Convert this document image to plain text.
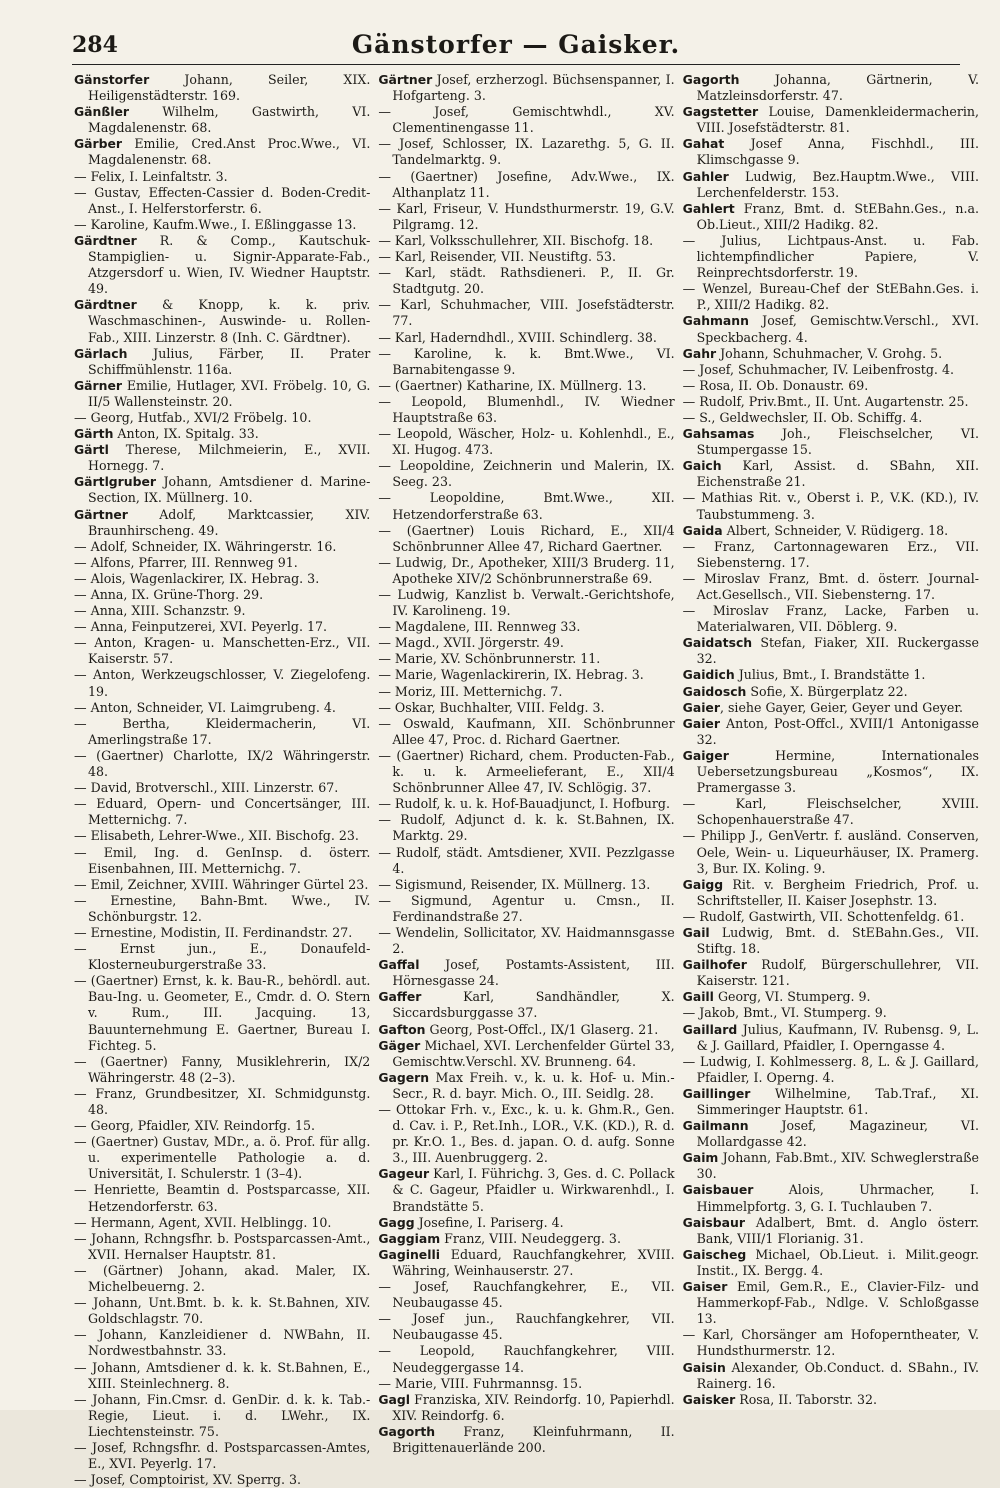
284	Gänstorfer — Gaisker.
Gänstorfer Johann, Seiler, XIX. Heiligenstädterstr. 169.
Gänßler Wilhelm, Gastwirth, VI. Magdalenenstr. 68.
Gärber Emilie, Cred.Anst Proc.Wwe., VI. Magdalenenstr. 68.
— Felix, I. Leinfaltstr. 3.
— Gustav, Effecten-Cassier d. Boden-Credit-Anst., I. Helferstorferstr. 6.
— Karoline, Kaufm.Wwe., I. Eßlinggasse 13.
Gärdtner R. & Comp., Kautschuk-Stampiglien- u. Signir-Apparate-Fab., Atzgersdorf u. Wien, IV. Wiedner Hauptstr. 49.
Gärdtner & Knopp, k. k. priv. Waschmaschinen-, Auswinde- u. Rollen-Fab., XIII. Linzerstr. 8 (Inh. C. Gärdtner).
Gärlach Julius, Färber, II. Prater Schiffmühlenstr. 116a.
Gärner Emilie, Hutlager, XVI. Fröbelg. 10, G. II/5 Wallensteinstr. 20.
— Georg, Hutfab., XVI/2 Fröbelg. 10.
Gärth Anton, IX. Spitalg. 33.
Gärtl Therese, Milchmeierin, E., XVII. Hornegg. 7.
Gärtlgruber Johann, Amtsdiener d. Marine-Section, IX. Müllnerg. 10.
Gärtner Adolf, Marktcassier, XIV. Braunhirscheng. 49.
— Adolf, Schneider, IX. Währingerstr. 16.
— Alfons, Pfarrer, III. Rennweg 91.
— Alois, Wagenlackirer, IX. Hebrag. 3.
— Anna, IX. Grüne-Thorg. 29.
— Anna, XIII. Schanzstr. 9.
— Anna, Feinputzerei, XVI. Peyerlg. 17.
— Anton, Kragen- u. Manschetten-Erz., VII. Kaiserstr. 57.
— Anton, Werkzeugschlosser, V. Ziegelofeng. 19.
— Anton, Schneider, VI. Laimgrubeng. 4.
— Bertha, Kleidermacherin, VI. Amerlingstraße 17.
— (Gaertner) Charlotte, IX/2 Währingerstr. 48.
— David, Brotverschl., XIII. Linzerstr. 67.
— Eduard, Opern- und Concertsänger, III. Metternichg. 7.
— Elisabeth, Lehrer-Wwe., XII. Bischofg. 23.
— Emil, Ing. d. GenInsp. d. österr. Eisenbahnen, III. Metternichg. 7.
— Emil, Zeichner, XVIII. Währinger Gürtel 23.
— Ernestine, Bahn-Bmt. Wwe., IV. Schönburgstr. 12.
— Ernestine, Modistin, II. Ferdinandstr. 27.
— Ernst jun., E., Donaufeld-Klosterneuburgerstraße 33.
— (Gaertner) Ernst, k. k. Bau-R., behördl. aut. Bau-Ing. u. Geometer, E., Cmdr. d. O. Stern v. Rum., III. Jacquing. 13, Bauunternehmung E. Gaertner, Bureau I. Fichteg. 5.
— (Gaertner) Fanny, Musiklehrerin, IX/2 Währingerstr. 48 (2–3).
— Franz, Grundbesitzer, XI. Schmidgunstg. 48.
— Georg, Pfaidler, XIV. Reindorfg. 15.
— (Gaertner) Gustav, MDr., a. ö. Prof. für allg. u. experimentelle Pathologie a. d. Universität, I. Schulerstr. 1 (3–4).
— Henriette, Beamtin d. Postsparcasse, XII. Hetzendorferstr. 63.
— Hermann, Agent, XVII. Helblingg. 10.
— Johann, Rchngsfhr. b. Postsparcassen-Amt., XVII. Hernalser Hauptstr. 81.
— (Gärtner) Johann, akad. Maler, IX. Michelbeuerng. 2.
— Johann, Unt.Bmt. b. k. k. St.Bahnen, XIV. Goldschlagstr. 70.
— Johann, Kanzleidiener d. NWBahn, II. Nordwestbahnstr. 33.
— Johann, Amtsdiener d. k. k. St.Bahnen, E., XIII. Steinlechnerg. 8.
— Johann, Fin.Cmsr. d. GenDir. d. k. k. Tab.-Regie, Lieut. i. d. LWehr., IX. Liechtensteinstr. 75.
— Josef, Rchngsfhr. d. Postsparcassen-Amtes, E., XVI. Peyerlg. 17.
— Josef, Comptoirist, XV. Sperrg. 3.
Gärtner Josef, erzherzogl. Büchsenspanner, I. Hofgarteng. 3.
— Josef, Gemischtwhdl., XV. Clementinengasse 11.
— Josef, Schlosser, IX. Lazarethg. 5, G. II. Tandelmarktg. 9.
— (Gaertner) Josefine, Adv.Wwe., IX. Althanplatz 11.
— Karl, Friseur, V. Hundsthurmerstr. 19, G.V. Pilgramg. 12.
— Karl, Volksschullehrer, XII. Bischofg. 18.
— Karl, Reisender, VII. Neustiftg. 53.
— Karl, städt. Rathsdieneri. P., II. Gr. Stadtgutg. 20.
— Karl, Schuhmacher, VIII. Josefstädterstr. 77.
— Karl, Haderndhdl., XVIII. Schindlerg. 38.
— Karoline, k. k. Bmt.Wwe., VI. Barnabitengasse 9.
— (Gaertner) Katharine, IX. Müllnerg. 13.
— Leopold, Blumenhdl., IV. Wiedner Hauptstraße 63.
— Leopold, Wäscher, Holz- u. Kohlenhdl., E., XI. Hugog. 473.
— Leopoldine, Zeichnerin und Malerin, IX. Seeg. 23.
— Leopoldine, Bmt.Wwe., XII. Hetzendorferstraße 63.
— (Gaertner) Louis Richard, E., XII/4 Schönbrunner Allee 47, Richard Gaertner.
— Ludwig, Dr., Apotheker, XIII/3 Bruderg. 11, Apotheke XIV/2 Schönbrunnerstraße 69.
— Ludwig, Kanzlist b. Verwalt.-Gerichtshofe, IV. Karolineng. 19.
— Magdalene, III. Rennweg 33.
— Magd., XVII. Jörgerstr. 49.
— Marie, XV. Schönbrunnerstr. 11.
— Marie, Wagenlackirerin, IX. Hebrag. 3.
— Moriz, III. Metternichg. 7.
— Oskar, Buchhalter, VIII. Feldg. 3.
— Oswald, Kaufmann, XII. Schönbrunner Allee 47, Proc. d. Richard Gaertner.
— (Gaertner) Richard, chem. Producten-Fab., k. u. k. Armeelieferant, E., XII/4 Schönbrunner Allee 47, IV. Schlögig. 37.
— Rudolf, k. u. k. Hof-Bauadjunct, I. Hofburg.
— Rudolf, Adjunct d. k. k. St.Bahnen, IX. Marktg. 29.
— Rudolf, städt. Amtsdiener, XVII. Pezzlgasse 4.
— Sigismund, Reisender, IX. Müllnerg. 13.
— Sigmund, Agentur u. Cmsn., II. Ferdinandstraße 27.
— Wendelin, Sollicitator, XV. Haidmannsgasse 2.
Gaffal Josef, Postamts-Assistent, III. Hörnesgasse 24.
Gaffer Karl, Sandhändler, X. Siccardsburggasse 37.
Gafton Georg, Post-Offcl., IX/1 Glaserg. 21.
Gäger Michael, XVI. Lerchenfelder Gürtel 33, Gemischtw.Verschl. XV. Brunneng. 64.
Gagern Max Freih. v., k. u. k. Hof- u. Min.-Secr., R. d. bayr. Mich. O., III. Seidlg. 28.
— Ottokar Frh. v., Exc., k. u. k. Ghm.R., Gen. d. Cav. i. P., Ret.Inh., LOR., V.K. (KD.), R. d. pr. Kr.O. 1., Bes. d. japan. O. d. aufg. Sonne 3., III. Auenbruggerg. 2.
Gageur Karl, I. Führichg. 3, Ges. d. C. Pollack & C. Gageur, Pfaidler u. Wirkwarenhdl., I. Brandstätte 5.
Gagg Josefine, I. Pariserg. 4.
Gaggiam Franz, VIII. Neudeggerg. 3.
Gaginelli Eduard, Rauchfangkehrer, XVIII. Währing, Weinhauserstr. 27.
— Josef, Rauchfangkehrer, E., VII. Neubaugasse 45.
— Josef jun., Rauchfangkehrer, VII. Neubaugasse 45.
— Leopold, Rauchfangkehrer, VIII. Neudeggergasse 14.
— Marie, VIII. Fuhrmannsg. 15.
Gagl Franziska, XIV. Reindorfg. 10, Papierhdl. XIV. Reindorfg. 6.
Gagorth Franz, Kleinfuhrmann, II. Brigittenauerlände 200.
Gagorth Johanna, Gärtnerin, V. Matzleinsdorferstr. 47.
Gagstetter Louise, Damenkleidermacherin, VIII. Josefstädterstr. 81.
Gahat Josef Anna, Fischhdl., III. Klimschgasse 9.
Gahler Ludwig, Bez.Hauptm.Wwe., VIII. Lerchenfelderstr. 153.
Gahlert Franz, Bmt. d. StEBahn.Ges., n.a. Ob.Lieut., XIII/2 Hadikg. 82.
— Julius, Lichtpaus-Anst. u. Fab. lichtempfindlicher Papiere, V. Reinprechtsdorferstr. 19.
— Wenzel, Bureau-Chef der StEBahn.Ges. i. P., XIII/2 Hadikg. 82.
Gahmann Josef, Gemischtw.Verschl., XVI. Speckbacherg. 4.
Gahr Johann, Schuhmacher, V. Grohg. 5.
— Josef, Schuhmacher, IV. Leibenfrostg. 4.
— Rosa, II. Ob. Donaustr. 69.
— Rudolf, Priv.Bmt., II. Unt. Augartenstr. 25.
— S., Geldwechsler, II. Ob. Schiffg. 4.
Gahsamas Joh., Fleischselcher, VI. Stumpergasse 15.
Gaich Karl, Assist. d. SBahn, XII. Eichenstraße 21.
— Mathias Rit. v., Oberst i. P., V.K. (KD.), IV. Taubstummeng. 3.
Gaida Albert, Schneider, V. Rüdigerg. 18.
— Franz, Cartonnagewaren Erz., VII. Siebensterng. 17.
— Miroslav Franz, Bmt. d. österr. Journal-Act.Gesellsch., VII. Siebensterng. 17.
— Miroslav Franz, Lacke, Farben u. Materialwaren, VII. Döblerg. 9.
Gaidatsch Stefan, Fiaker, XII. Ruckergasse 32.
Gaidich Julius, Bmt., I. Brandstätte 1.
Gaidosch Sofie, X. Bürgerplatz 22.
Gaier, siehe Gayer, Geier, Geyer und Geyer.
Gaier Anton, Post-Offcl., XVIII/1 Antonigasse 32.
Gaiger Hermine, Internationales Uebersetzungsbureau „Kosmos“, IX. Pramergasse 3.
— Karl, Fleischselcher, XVIII. Schopenhauerstraße 47.
— Philipp J., GenVertr. f. ausländ. Conserven, Oele, Wein- u. Liqueurhäuser, IX. Pramerg. 3, Bur. IX. Koling. 9.
Gaigg Rit. v. Bergheim Friedrich, Prof. u. Schriftsteller, II. Kaiser Josephstr. 13.
— Rudolf, Gastwirth, VII. Schottenfeldg. 61.
Gail Ludwig, Bmt. d. StEBahn.Ges., VII. Stiftg. 18.
Gailhofer Rudolf, Bürgerschullehrer, VII. Kaiserstr. 121.
Gaill Georg, VI. Stumperg. 9.
— Jakob, Bmt., VI. Stumperg. 9.
Gaillard Julius, Kaufmann, IV. Rubensg. 9, L. & J. Gaillard, Pfaidler, I. Operngasse 4.
— Ludwig, I. Kohlmesserg. 8, L. & J. Gaillard, Pfaidler, I. Operng. 4.
Gaillinger Wilhelmine, Tab.Traf., XI. Simmeringer Hauptstr. 61.
Gailmann Josef, Magazineur, VI. Mollardgasse 42.
Gaim Johann, Fab.Bmt., XIV. Schweglerstraße 30.
Gaisbauer Alois, Uhrmacher, I. Himmelpfortg. 3, G. I. Tuchlauben 7.
Gaisbaur Adalbert, Bmt. d. Anglo österr. Bank, VIII/1 Florianig. 31.
Gaischeg Michael, Ob.Lieut. i. Milit.geogr. Instit., IX. Bergg. 4.
Gaiser Emil, Gem.R., E., Clavier-Filz- und Hammerkopf-Fab., Ndlge. V. Schloßgasse 13.
— Karl, Chorsänger am Hofoperntheater, V. Hundsthurmerstr. 12.
Gaisin Alexander, Ob.Conduct. d. SBahn., IV. Rainerg. 16.
Gaisker Rosa, II. Taborstr. 32.
